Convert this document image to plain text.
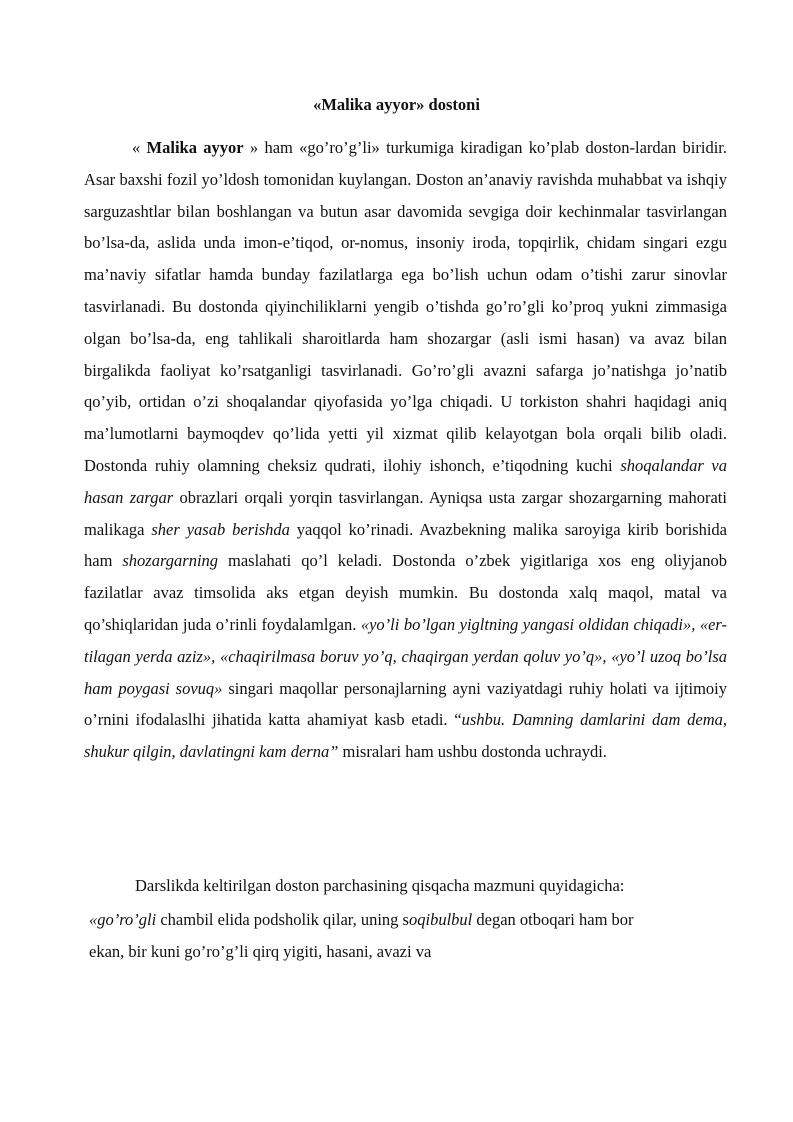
«Malika ayyor» dostoni

« Malika ayyor » ham «go’ro’g’li» turkumiga kiradigan ko’plab doston-lardan biridir. Asar baxshi fozil yo’ldosh tomonidan kuylangan. Doston an’anaviy ravishda muhabbat va ishqiy sarguzashtlar bilan boshlangan va butun asar davomida sevgiga doir kechinmalar tasvirlangan bo’lsa-da, aslida unda imon-e’tiqod, or-nomus, insoniy iroda, topqirlik, chidam singari ezgu ma’naviy sifatlar hamda bunday fazilatlarga ega bo’lish uchun odam o’tishi zarur sinovlar tasvirlanadi. Bu dostonda qiyinchiliklarni yengib o’tishda go’ro’gli ko’proq yukni zimmasiga olgan bo’lsa-da, eng tahlikali sharoitlarda ham shozargar (asli ismi hasan) va avaz bilan birgalikda faoliyat ko’rsatganligi tasvirlanadi. Go’ro’gli avazni safarga jo’natishga jo’natib qo’yib, ortidan o’zi shoqalandar qiyofasida yo’lga chiqadi. U torkiston shahri haqidagi aniq ma’lumotlarni baymoqdev qo’lida yetti yil xizmat qilib kelayotgan bola orqali bilib oladi. Dostonda ruhiy olamning cheksiz qudrati, ilohiy ishonch, e’tiqodning kuchi shoqalandar va hasan zargar obrazlari orqali yorqin tasvirlangan. Ayniqsa usta zargar shozargarning mahorati malikaga sher yasab berishda yaqqol ko’rinadi. Avazbekning malika saroyiga kirib borishida ham shozargarning maslahati qo’l keladi. Dostonda o’zbek yigitlariga xos eng oliyjanob fazilatlar avaz timsolida aks etgan deyish mumkin. Bu dostonda xalq maqol, matal va qo’shiqlaridan juda o’rinli foydalamlgan. «yo’li bo’lgan yigltning yangasi oldidan chiqadi», «er-tilagan yerda aziz», «chaqirilmasa boruv yo’q, chaqirgan yerdan qoluv yo’q», «yo’l uzoq bo’lsa ham poygasi sovuq» singari maqollar personajlarning ayni vaziyatdagi ruhiy holati va ijtimoiy o’rnini ifodalaslhi jihatida katta ahamiyat kasb etadi. “ushbu. Damning damlarini dam dema, shukur qilgin, davlatingni kam derna” misralari ham ushbu dostonda uchraydi.

Darslikda keltirilgan doston parchasining qisqacha mazmuni quyidagicha:
«go’ro’gli chambil elida podsholik qilar, uning soqibulbul degan otboqari ham bor
ekan, bir kuni go’ro’g’li qirq yigiti, hasani, avazi va
